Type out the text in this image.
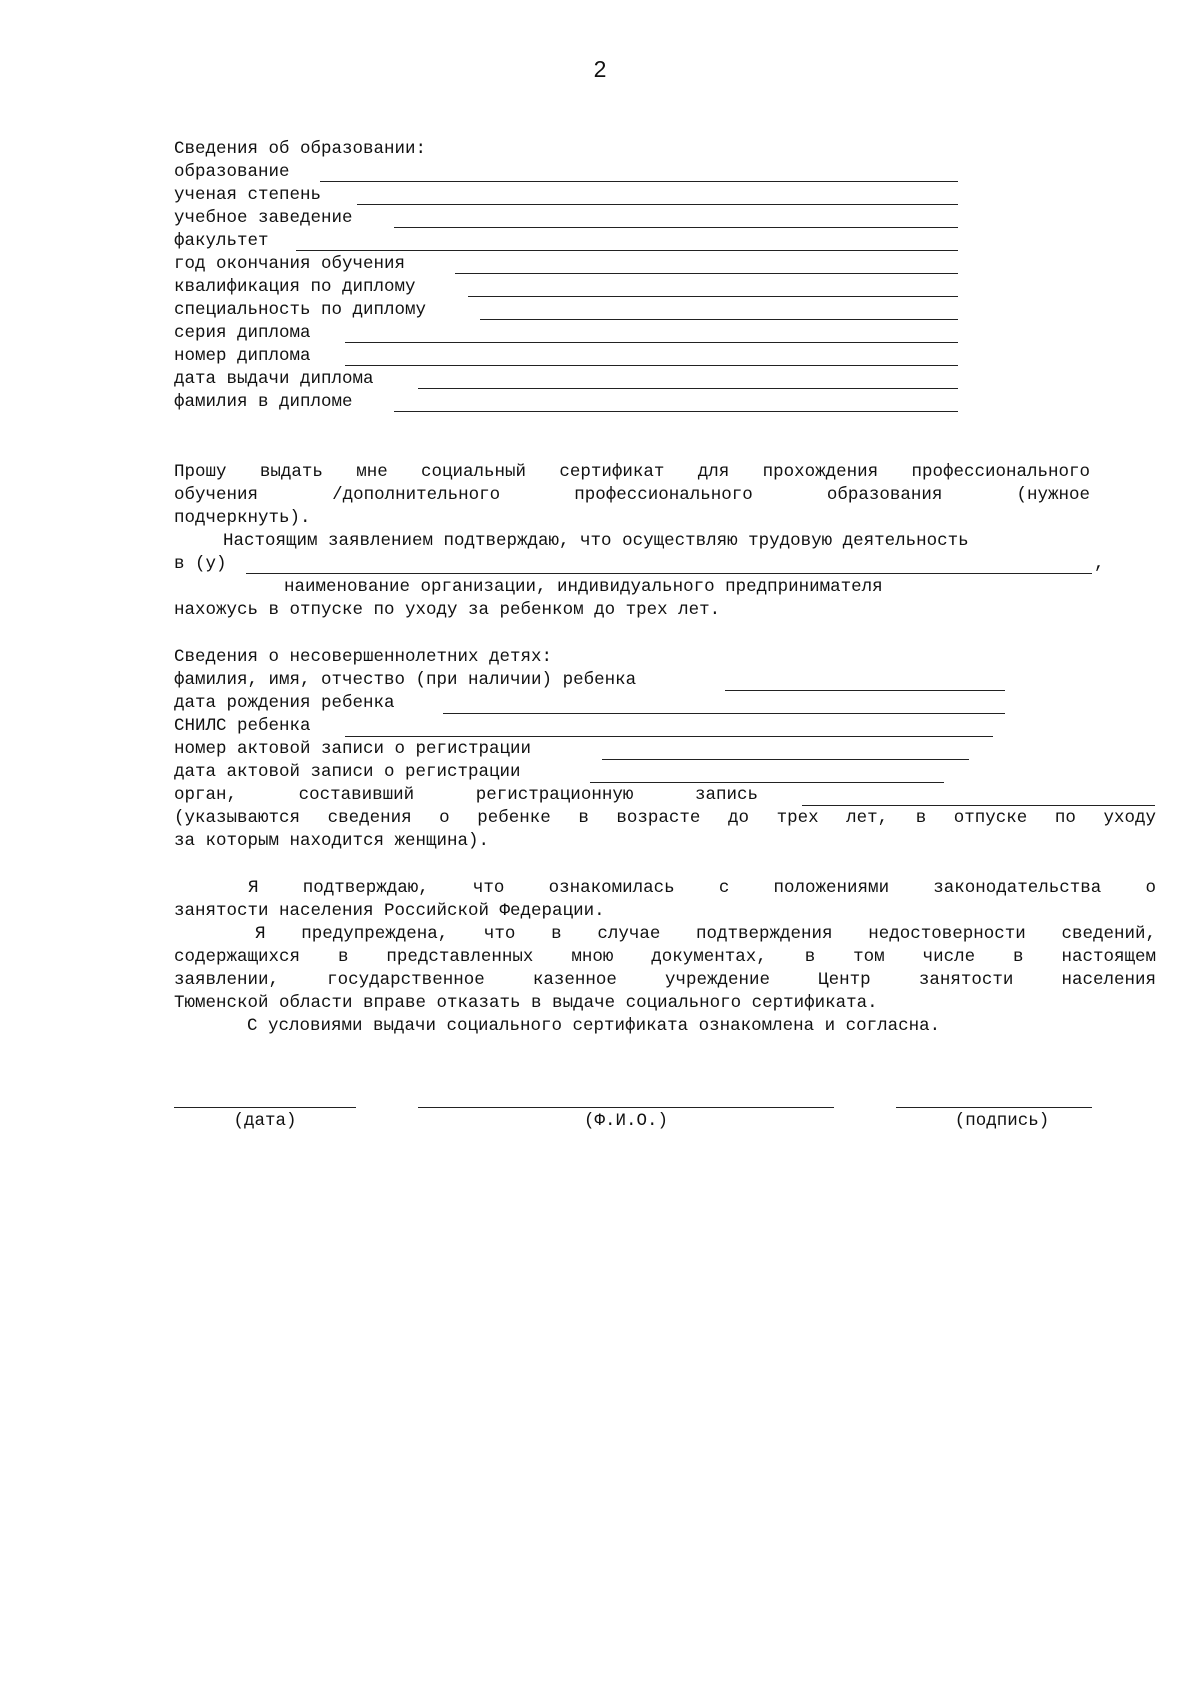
2
Сведения об образовании:
образование
ученая степень
учебное заведение
факультет
год окончания обучения
квалификация по диплому
специальность по диплому
серия диплома
номер диплома
дата выдачи диплома
фамилия в дипломе
Прошу выдать мне социальный сертификат для прохождения профессионального
обучения	/дополнительного	профессионального	образования	(нужное
подчеркнуть).
Настоящим заявлением подтверждаю, что осуществляю трудовую деятельность
в (у)	,
наименование организации, индивидуального предпринимателя
нахожусь в отпуске по уходу за ребенком до трех лет.
Сведения о несовершеннолетних детях:
фамилия, имя, отчество (при наличии) ребенка
дата рождения ребенка
СНИЛС ребенка
номер актовой записи о регистрации
дата актовой записи о регистрации
орган,	составивший	регистрационную	запись
(указываются сведения о ребенке в возрасте до трех лет, в отпуске по уходу
за которым находится женщина).
Я	подтверждаю,	что	ознакомилась	с	положениями	законодательства	о
занятости населения Российской Федерации.
Я предупреждена, что в случае подтверждения недостоверности сведений,
содержащихся в представленных мною документах, в том числе в настоящем
заявлении,	государственное	казенное	учреждение	Центр	занятости	населения
Тюменской области вправе отказать в выдаче социального сертификата.
С условиями выдачи социального сертификата ознакомлена и согласна.
(дата)	(Ф.И.О.)	(подпись)
